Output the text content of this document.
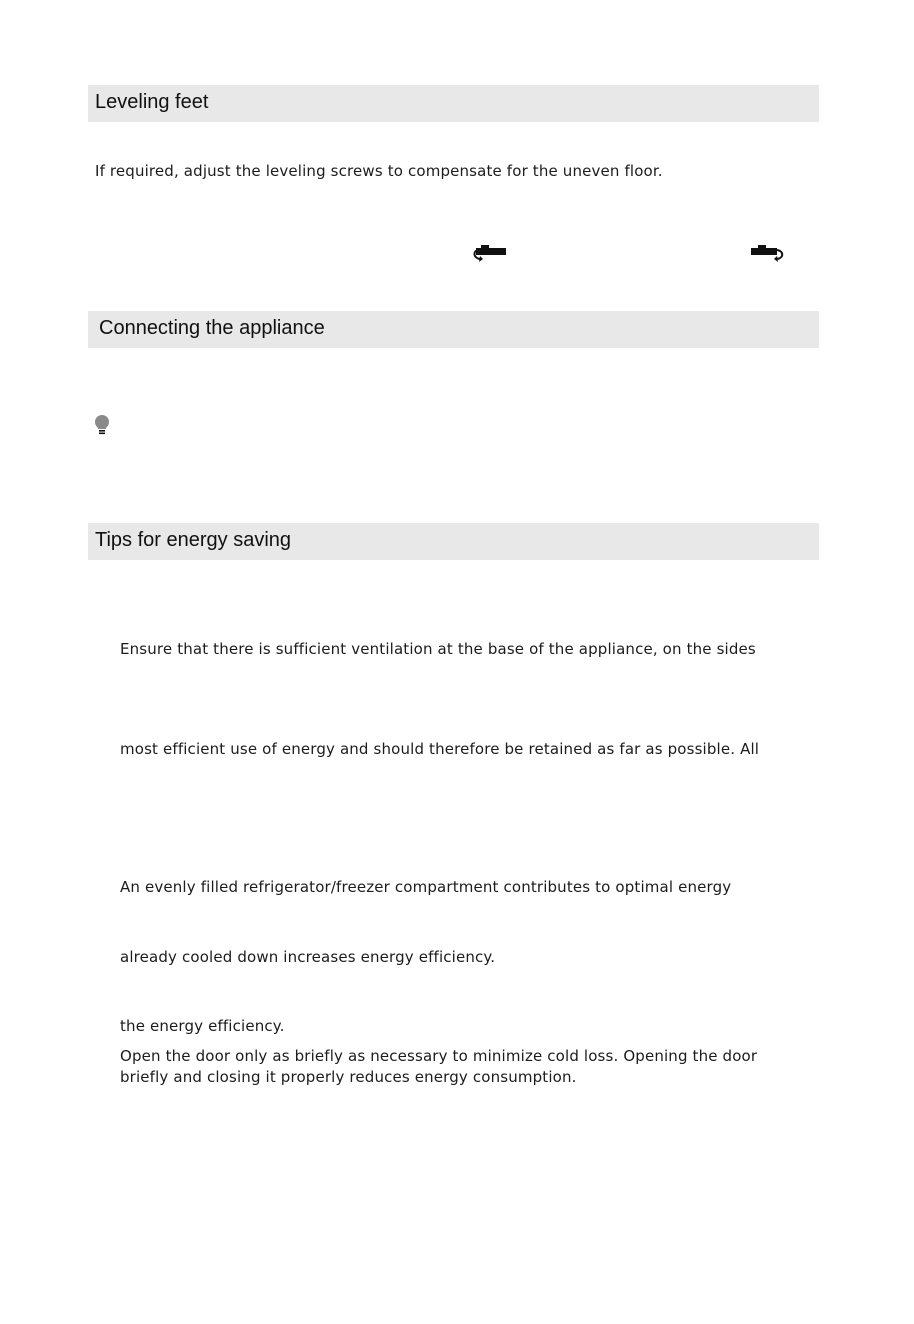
Leveling feet
If required, adjust the leveling screws to compensate for the uneven floor.
Connecting the appliance
Tips for energy saving
Ensure that there is sufficient ventilation at the base of the appliance, on the sides
most efficient use of energy and should therefore be retained as far as possible. All
An evenly filled refrigerator/freezer compartment contributes to optimal energy
already cooled down increases energy efficiency.
the energy efficiency.
Open the door only as briefly as necessary to minimize cold loss. Opening the door
briefly and closing it properly reduces energy consumption.
